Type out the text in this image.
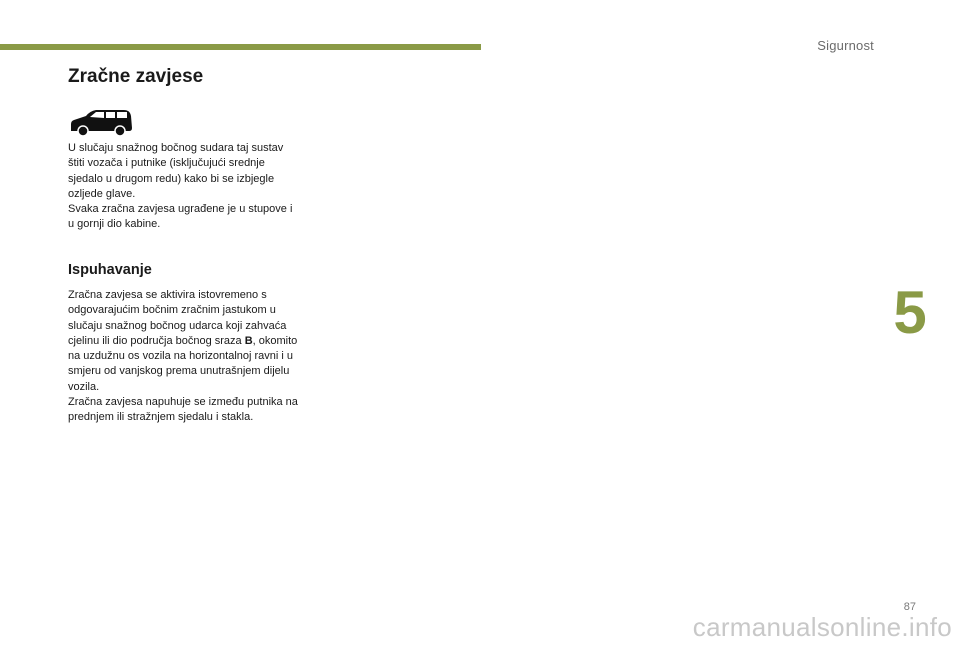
Sigurnost
5
87
carmanualsonline.info
Zračne zavjese

U slučaju snažnog bočnog sudara taj sustav

štiti vozača i putnike (isključujući srednje

sjedalo u drugom redu) kako bi se izbjegle

ozljede glave.

Svaka zračna zavjesa ugrađene je u stupove i

u gornji dio kabine.

Ispuhavanje

Zračna zavjesa se aktivira istovremeno s

odgovarajućim bočnim zračnim jastukom u

slučaju snažnog bočnog udarca koji zahvaća

cjelinu ili dio područja bočnog sraza B, okomito

na uzdužnu os vozila na horizontalnoj ravni i u

smjeru od vanjskog prema unutrašnjem dijelu

vozila.

Zračna zavjesa napuhuje se između putnika na

prednjem ili stražnjem sjedalu i stakla.
